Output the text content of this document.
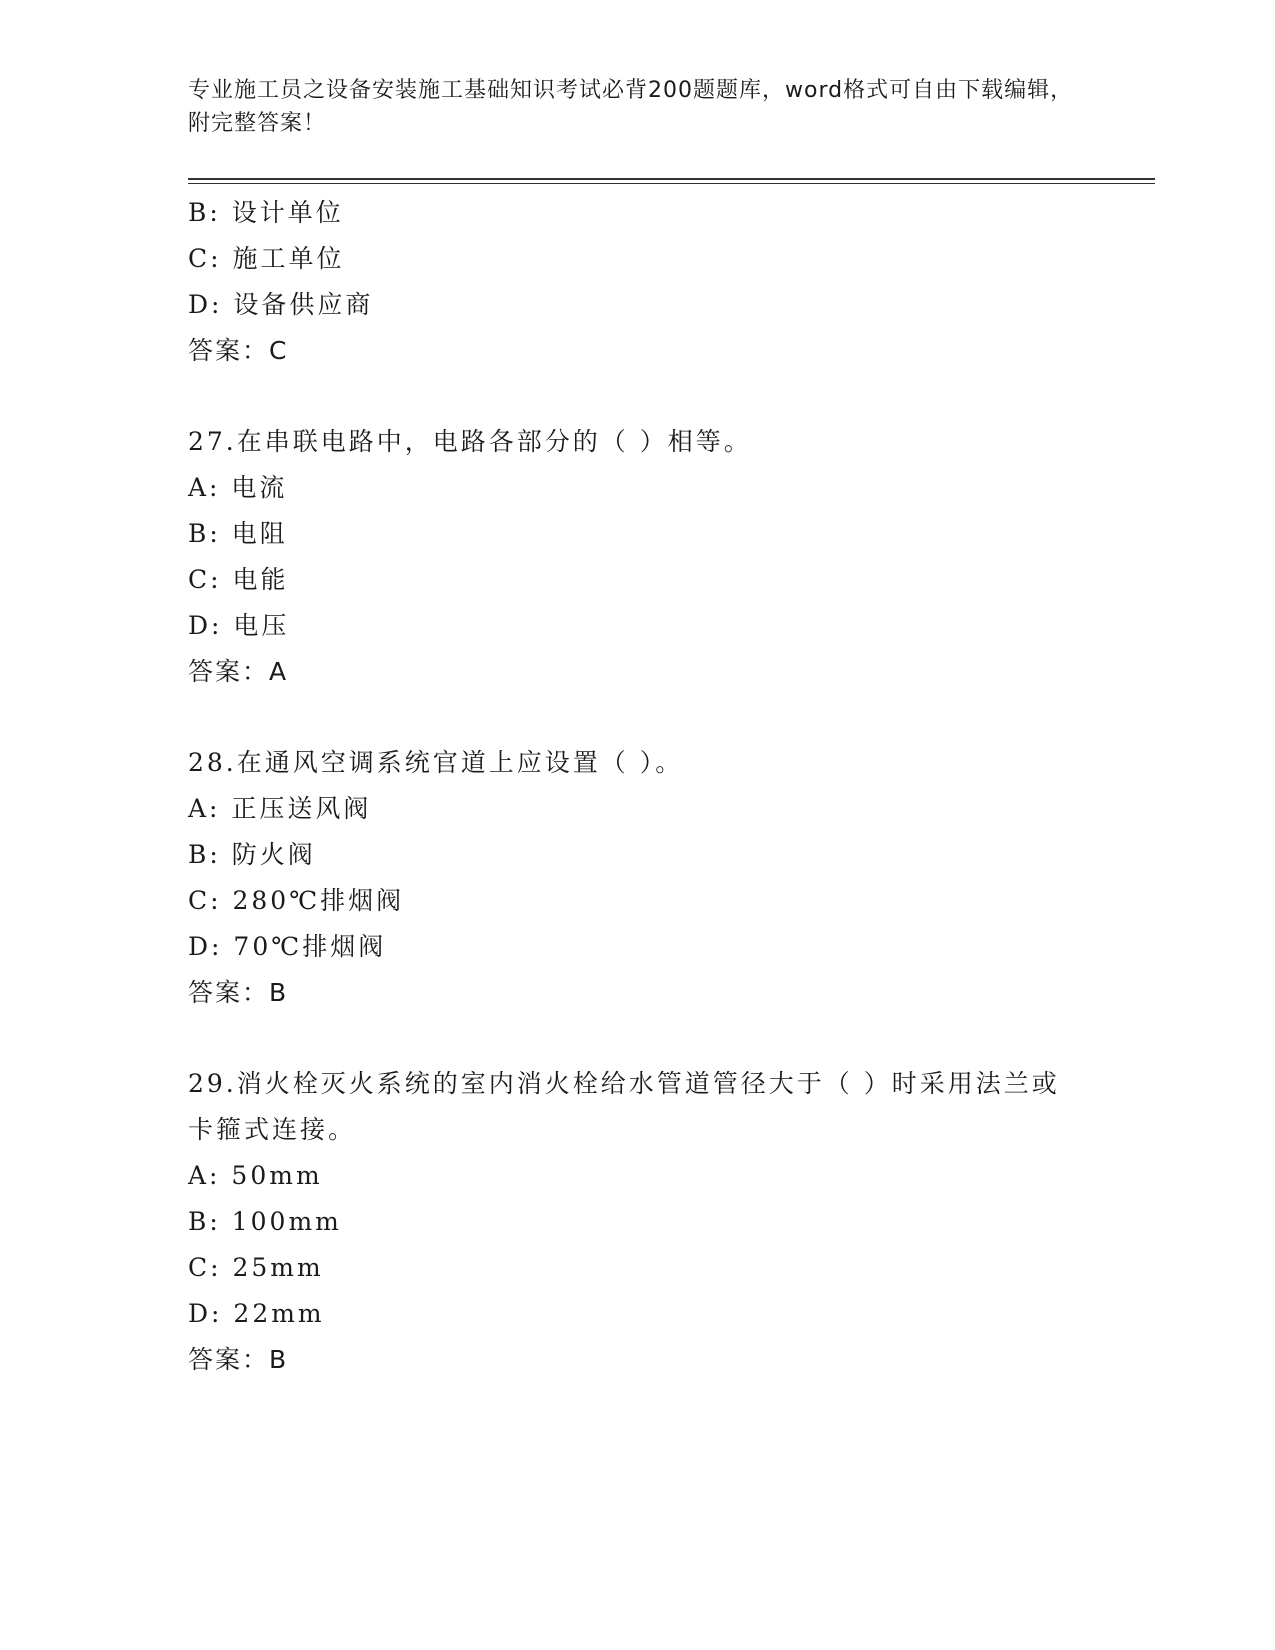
专业施工员之设备安装施工基础知识考试必背200题题库，word格式可自由下载编辑，附完整答案！
B: 设计单位
C: 施工单位
D: 设备供应商
答案：C
27.在串联电路中，电路各部分的（ ）相等。
A: 电流
B: 电阻
C: 电能
D: 电压
答案：A
28.在通风空调系统官道上应设置（ ）。
A: 正压送风阀
B: 防火阀
C: 280℃排烟阀
D: 70℃排烟阀
答案：B
29.消火栓灭火系统的室内消火栓给水管道管径大于（ ）时采用法兰或卡箍式连接。
A: 50mm
B: 100mm
C: 25mm
D: 22mm
答案：B
